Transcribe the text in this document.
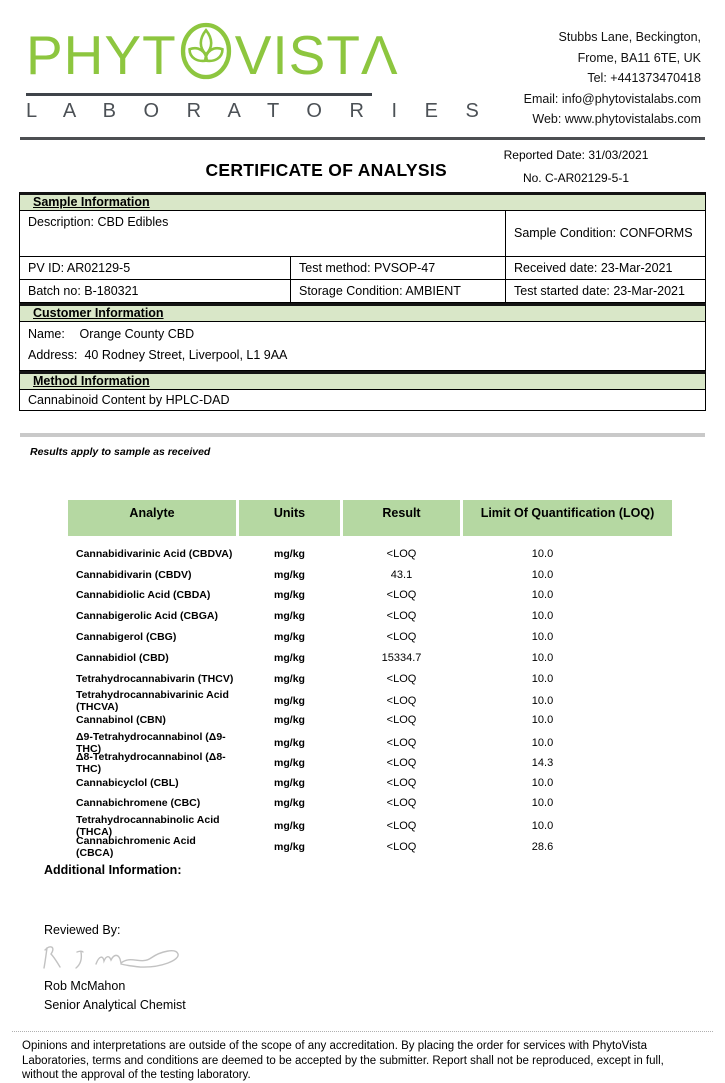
PHYT VISTΛ
L A B O R A T O R I E S
Stubbs Lane, Beckington,
Frome, BA11 6TE, UK
Tel: +441373470418
Email: info@phytovistalabs.com
Web: www.phytovistalabs.com
CERTIFICATE OF ANALYSIS
Reported Date: 31/03/2021
No. C-AR02129-5-1
Sample Information
Description: CBD Edibles
Sample Condition: CONFORMS
PV ID: AR02129-5	Test method: PVSOP-47	Received date: 23-Mar-2021
Batch no: B-180321	Storage Condition: AMBIENT	Test started date: 23-Mar-2021
Customer Information
Name: Orange County CBD
Address: 40 Rodney Street, Liverpool, L1 9AA
Method Information
Cannabinoid Content by HPLC-DAD
Results apply to sample as received
Analyte	Units	Result	Limit Of Quantification (LOQ)
Cannabidivarinic Acid (CBDVA)	mg/kg	<LOQ	10.0
Cannabidivarin (CBDV)	mg/kg	43.1	10.0
Cannabidiolic Acid (CBDA)	mg/kg	<LOQ	10.0
Cannabigerolic Acid (CBGA)	mg/kg	<LOQ	10.0
Cannabigerol (CBG)	mg/kg	<LOQ	10.0
Cannabidiol (CBD)	mg/kg	15334.7	10.0
Tetrahydrocannabivarin (THCV)	mg/kg	<LOQ	10.0
Tetrahydrocannabivarinic Acid (THCVA)	mg/kg	<LOQ	10.0
Cannabinol (CBN)	mg/kg	<LOQ	10.0
Δ9-Tetrahydrocannabinol (Δ9-THC)	mg/kg	<LOQ	10.0
Δ8-Tetrahydrocannabinol (Δ8-THC)	mg/kg	<LOQ	14.3
Cannabicyclol (CBL)	mg/kg	<LOQ	10.0
Cannabichromene (CBC)	mg/kg	<LOQ	10.0
Tetrahydrocannabinolic Acid (THCA)	mg/kg	<LOQ	10.0
Cannabichromenic Acid (CBCA)	mg/kg	<LOQ	28.6
Additional Information:
Reviewed By:
Rob McMahon
Senior Analytical Chemist
Opinions and interpretations are outside of the scope of any accreditation. By placing the order for services with PhytoVista Laboratories, terms and conditions are deemed to be accepted by the submitter. Report shall not be reproduced, except in full, without the approval of the testing laboratory.
